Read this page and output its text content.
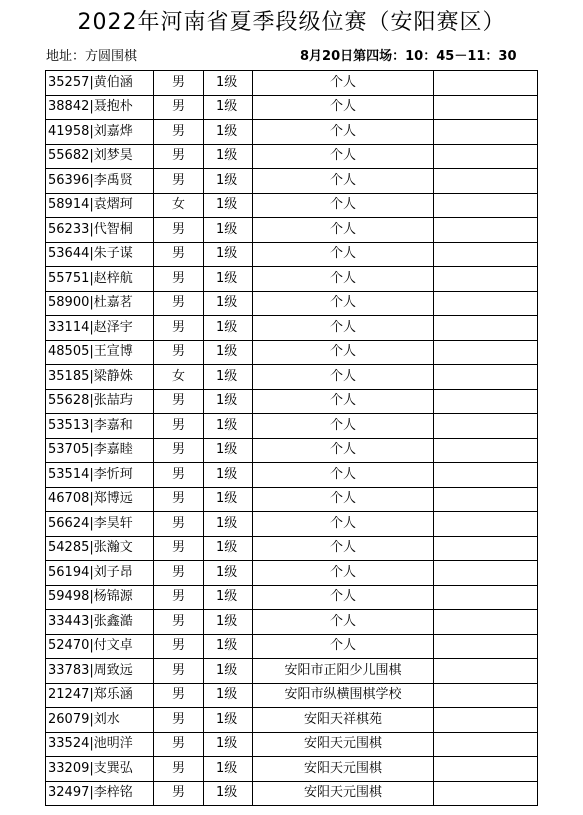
2022年河南省夏季段级位赛（安阳赛区）
地址：方圆围棋	8月20日第四场：10：45－11：30
35257|黄伯涵	男	1级	个人	
38842|聂抱朴	男	1级	个人	
41958|刘嘉烨	男	1级	个人	
55682|刘梦昊	男	1级	个人	
56396|李禹贤	男	1级	个人	
58914|袁熠珂	女	1级	个人	
56233|代智桐	男	1级	个人	
53644|朱子谋	男	1级	个人	
55751|赵梓航	男	1级	个人	
58900|杜嘉茗	男	1级	个人	
33114|赵泽宇	男	1级	个人	
48505|王宣博	男	1级	个人	
35185|梁静姝	女	1级	个人	
55628|张喆玙	男	1级	个人	
53513|李嘉和	男	1级	个人	
53705|李嘉睦	男	1级	个人	
53514|李忻珂	男	1级	个人	
46708|郑博远	男	1级	个人	
56624|李昊轩	男	1级	个人	
54285|张瀚文	男	1级	个人	
56194|刘子昂	男	1级	个人	
59498|杨锦源	男	1级	个人	
33443|张鑫澔	男	1级	个人	
52470|付文卓	男	1级	个人	
33783|周致远	男	1级	安阳市正阳少儿围棋	
21247|郑乐涵	男	1级	安阳市纵横围棋学校	
26079|刘水	男	1级	安阳天祥棋苑	
33524|池明洋	男	1级	安阳天元围棋	
33209|支巽弘	男	1级	安阳天元围棋	
32497|李梓铭	男	1级	安阳天元围棋	
